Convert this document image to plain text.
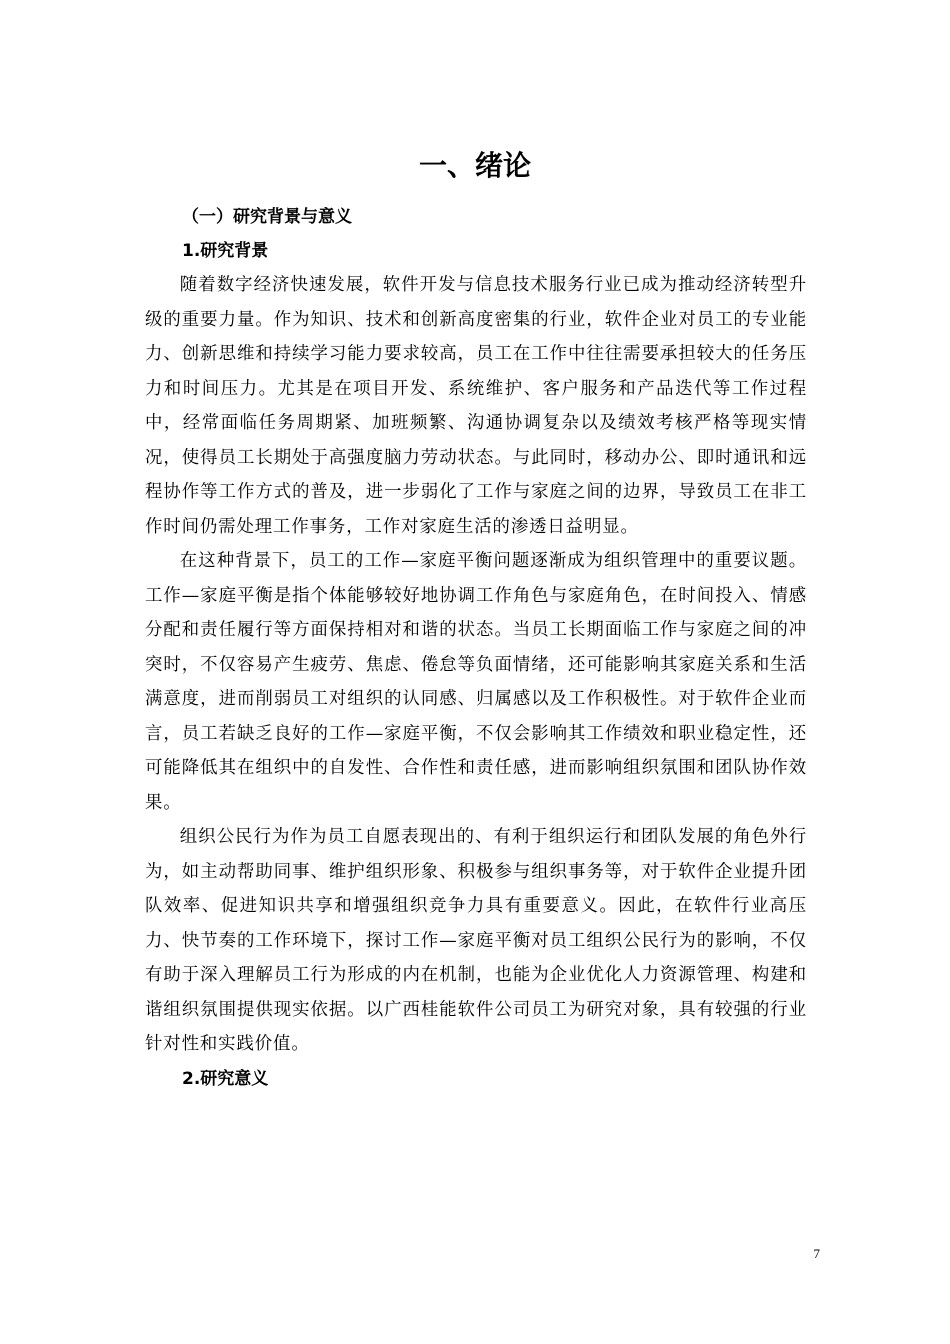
一、绪论
（一）研究背景与意义
1.研究背景

随着数字经济快速发展，软件开发与信息技术服务行业已成为推动经济转型升级的重要力量。作为知识、技术和创新高度密集的行业，软件企业对员工的专业能力、创新思维和持续学习能力要求较高，员工在工作中往往需要承担较大的任务压力和时间压力。尤其是在项目开发、系统维护、客户服务和产品迭代等工作过程中，经常面临任务周期紧、加班频繁、沟通协调复杂以及绩效考核严格等现实情况，使得员工长期处于高强度脑力劳动状态。与此同时，移动办公、即时通讯和远程协作等工作方式的普及，进一步弱化了工作与家庭之间的边界，导致员工在非工作时间仍需处理工作事务，工作对家庭生活的渗透日益明显。

在这种背景下，员工的工作—家庭平衡问题逐渐成为组织管理中的重要议题。工作—家庭平衡是指个体能够较好地协调工作角色与家庭角色，在时间投入、情感分配和责任履行等方面保持相对和谐的状态。当员工长期面临工作与家庭之间的冲突时，不仅容易产生疲劳、焦虑、倦怠等负面情绪，还可能影响其家庭关系和生活满意度，进而削弱员工对组织的认同感、归属感以及工作积极性。对于软件企业而言，员工若缺乏良好的工作—家庭平衡，不仅会影响其工作绩效和职业稳定性，还可能降低其在组织中的自发性、合作性和责任感，进而影响组织氛围和团队协作效果。

组织公民行为作为员工自愿表现出的、有利于组织运行和团队发展的角色外行为，如主动帮助同事、维护组织形象、积极参与组织事务等，对于软件企业提升团队效率、促进知识共享和增强组织竞争力具有重要意义。因此，在软件行业高压力、快节奏的工作环境下，探讨工作—家庭平衡对员工组织公民行为的影响，不仅有助于深入理解员工行为形成的内在机制，也能为企业优化人力资源管理、构建和谐组织氛围提供现实依据。以广西桂能软件公司员工为研究对象，具有较强的行业针对性和实践价值。

2.研究意义
7
